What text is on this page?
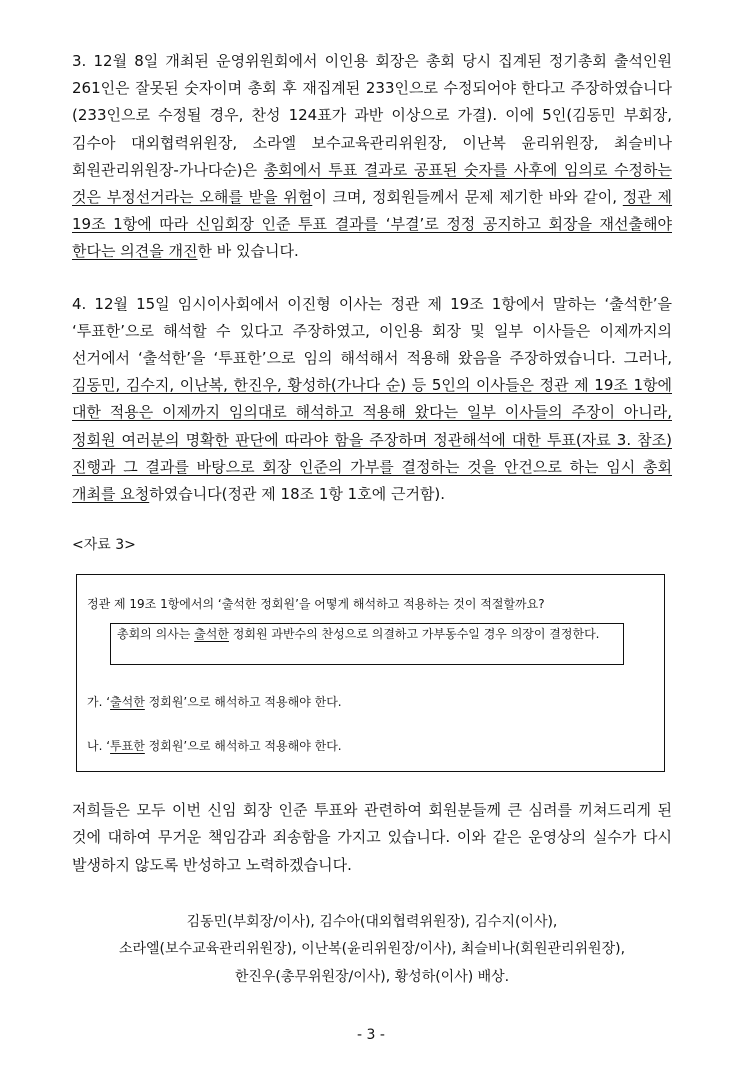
3. 12월 8일 개최된 운영위원회에서 이인용 회장은 총회 당시 집계된 정기총회 출석인원 261인은 잘못된 숫자이며 총회 후 재집계된 233인으로 수정되어야 한다고 주장하였습니다(233인으로 수정될 경우, 찬성 124표가 과반 이상으로 가결). 이에 5인(김동민 부회장, 김수아 대외협력위원장, 소라엘 보수교육관리위원장, 이난복 윤리위원장, 최슬비나 회원관리위원장-가나다순)은 총회에서 투표 결과로 공표된 숫자를 사후에 임의로 수정하는 것은 부정선거라는 오해를 받을 위험이 크며, 정회원들께서 문제 제기한 바와 같이, 정관 제 19조 1항에 따라 신임회장 인준 투표 결과를 ‘부결’로 정정 공지하고 회장을 재선출해야 한다는 의견을 개진한 바 있습니다.

4. 12월 15일 임시이사회에서 이진형 이사는 정관 제 19조 1항에서 말하는 ‘출석한’을 ‘투표한’으로 해석할 수 있다고 주장하였고, 이인용 회장 및 일부 이사들은 이제까지의 선거에서 ‘출석한’을 ‘투표한’으로 임의 해석해서 적용해 왔음을 주장하였습니다. 그러나, 김동민, 김수지, 이난복, 한진우, 황성하(가나다 순) 등 5인의 이사들은 정관 제 19조 1항에 대한 적용은 이제까지 임의대로 해석하고 적용해 왔다는 일부 이사들의 주장이 아니라, 정회원 여러분의 명확한 판단에 따라야 함을 주장하며 정관해석에 대한 투표(자료 3. 참조) 진행과 그 결과를 바탕으로 회장 인준의 가부를 결정하는 것을 안건으로 하는 임시 총회 개최를 요청하였습니다(정관 제 18조 1항 1호에 근거함).

<자료 3>
정관 제 19조 1항에서의 ‘출석한 정회원’을 어떻게 해석하고 적용하는 것이 적절할까요?
총회의 의사는 출석한 정회원 과반수의 찬성으로 의결하고 가부동수일 경우 의장이 결정한다.
가. ‘출석한 정회원’으로 해석하고 적용해야 한다.
나. ‘투표한 정회원’으로 해석하고 적용해야 한다.

저희들은 모두 이번 신임 회장 인준 투표와 관련하여 회원분들께 큰 심려를 끼쳐드리게 된 것에 대하여 무거운 책임감과 죄송함을 가지고 있습니다. 이와 같은 운영상의 실수가 다시 발생하지 않도록 반성하고 노력하겠습니다.

김동민(부회장/이사), 김수아(대외협력위원장), 김수지(이사),
소라엘(보수교육관리위원장), 이난복(윤리위원장/이사), 최슬비나(회원관리위원장),
한진우(총무위원장/이사), 황성하(이사) 배상.
- 3 -
